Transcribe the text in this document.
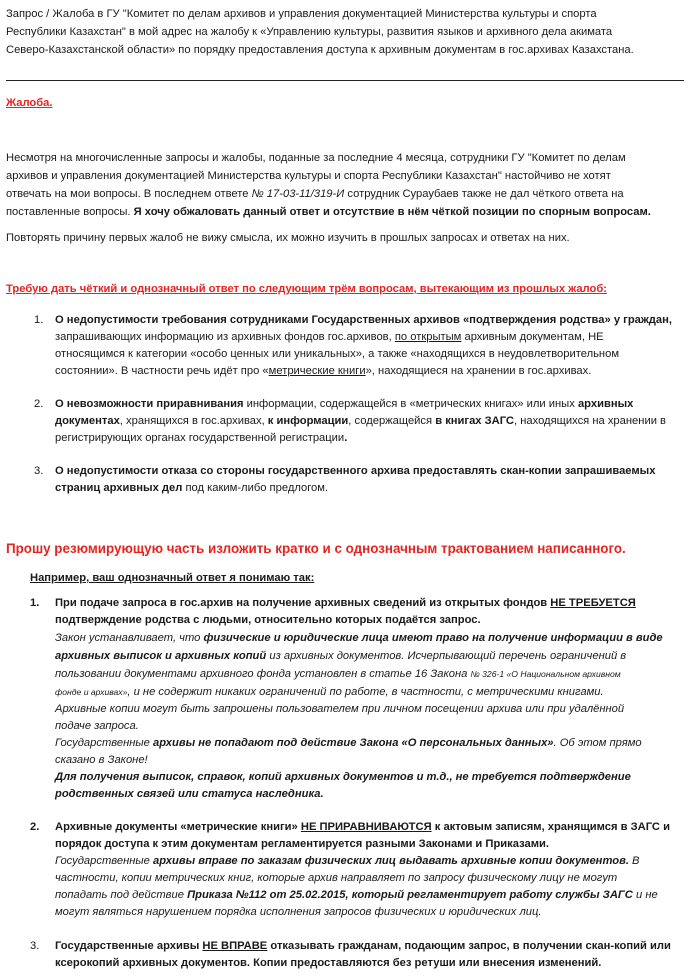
Запрос / Жалоба в ГУ "Комитет по делам архивов и управления документацией Министерства культуры и спорта

Республики Казахстан" в мой адрес на жалобу к «Управлению культуры, развития языков и архивного дела акимата

Северо-Казахстанской области» по порядку предоставления доступа к архивным документам в гос.архивах Казахстана.

Жалоба.

Несмотря на многочисленные запросы и жалобы, поданные за последние 4 месяца, сотрудники ГУ "Комитет по делам

архивов и управления документацией Министерства культуры и спорта Республики Казахстан" настойчиво не хотят

отвечать на мои вопросы. В последнем ответе № 17-03-11/319-И сотрудник Сураубаев также не дал чёткого ответа на

поставленные вопросы. Я хочу обжаловать данный ответ и отсутствие в нём чёткой позиции по спорным вопросам.

Повторять причину первых жалоб не вижу смысла, их можно изучить в прошлых запросах и ответах на них.

Требую дать чёткий и однозначный ответ по следующим трём вопросам, вытекающим из прошлых жалоб:

1. О недопустимости требования сотрудниками Государственных архивов «подтверждения родства» у граждан,

запрашивающих информацию из архивных фондов гос.архивов, по открытым архивным документам, НЕ

относящимся к категории «особо ценных или уникальных», а также «находящихся в неудовлетворительном

состоянии». В частности речь идёт про «метрические книги», находящиеся на хранении в гос.архивах.

2. О невозможности приравнивания информации, содержащейся в «метрических книгах» или иных архивных

документах, хранящихся в гос.архивах, к информации, содержащейся в книгах ЗАГС, находящихся на хранении в

регистрирующих органах государственной регистрации.

3. О недопустимости отказа со стороны государственного архива предоставлять скан-копии запрашиваемых

страниц архивных дел под каким-либо предлогом.

Прошу резюмирующую часть изложить кратко и с однозначным трактованием написанного.

Например, ваш однозначный ответ я понимаю так:

1. При подаче запроса в гос.архив на получение архивных сведений из открытых фондов НЕ ТРЕБУЕТСЯ

подтверждение родства с людьми, относительно которых подаётся запрос.

Закон устанавливает, что физические и юридические лица имеют право на получение информации в виде

архивных выписок и архивных копий из архивных документов. Исчерпывающий перечень ограничений в

пользовании документами архивного фонда установлен в статье 16 Закона № 326-1 «О Национальном архивном

фонде и архивах», и не содержит никаких ограничений по работе, в частности, с метрическими книгами.

Архивные копии могут быть запрошены пользователем при личном посещении архива или при удалённой

подаче запроса.

Государственные архивы не попадают под действие Закона «О персональных данных». Об этом прямо

сказано в Законе!

Для получения выписок, справок, копий архивных документов и т.д., не требуется подтверждение

родственных связей или статуса наследника.

2. Архивные документы «метрические книги» НЕ ПРИРАВНИВАЮТСЯ к актовым записям, хранящимся в ЗАГС и

порядок доступа к этим документам регламентируется разными Законами и Приказами.

Государственные архивы вправе по заказам физических лиц выдавать архивные копии документов. В

частности, копии метрических книг, которые архив направляет по запросу физическому лицу не могут

попадать под действие Приказа №112 от 25.02.2015, который регламентирует работу службы ЗАГС и не

могут являться нарушением порядка исполнения запросов физических и юридических лиц.

3. Государственные архивы НЕ ВПРАВЕ отказывать гражданам, подающим запрос, в получении скан-копий или

ксерокопий архивных документов. Копии предоставляются без ретуши или внесения изменений.
